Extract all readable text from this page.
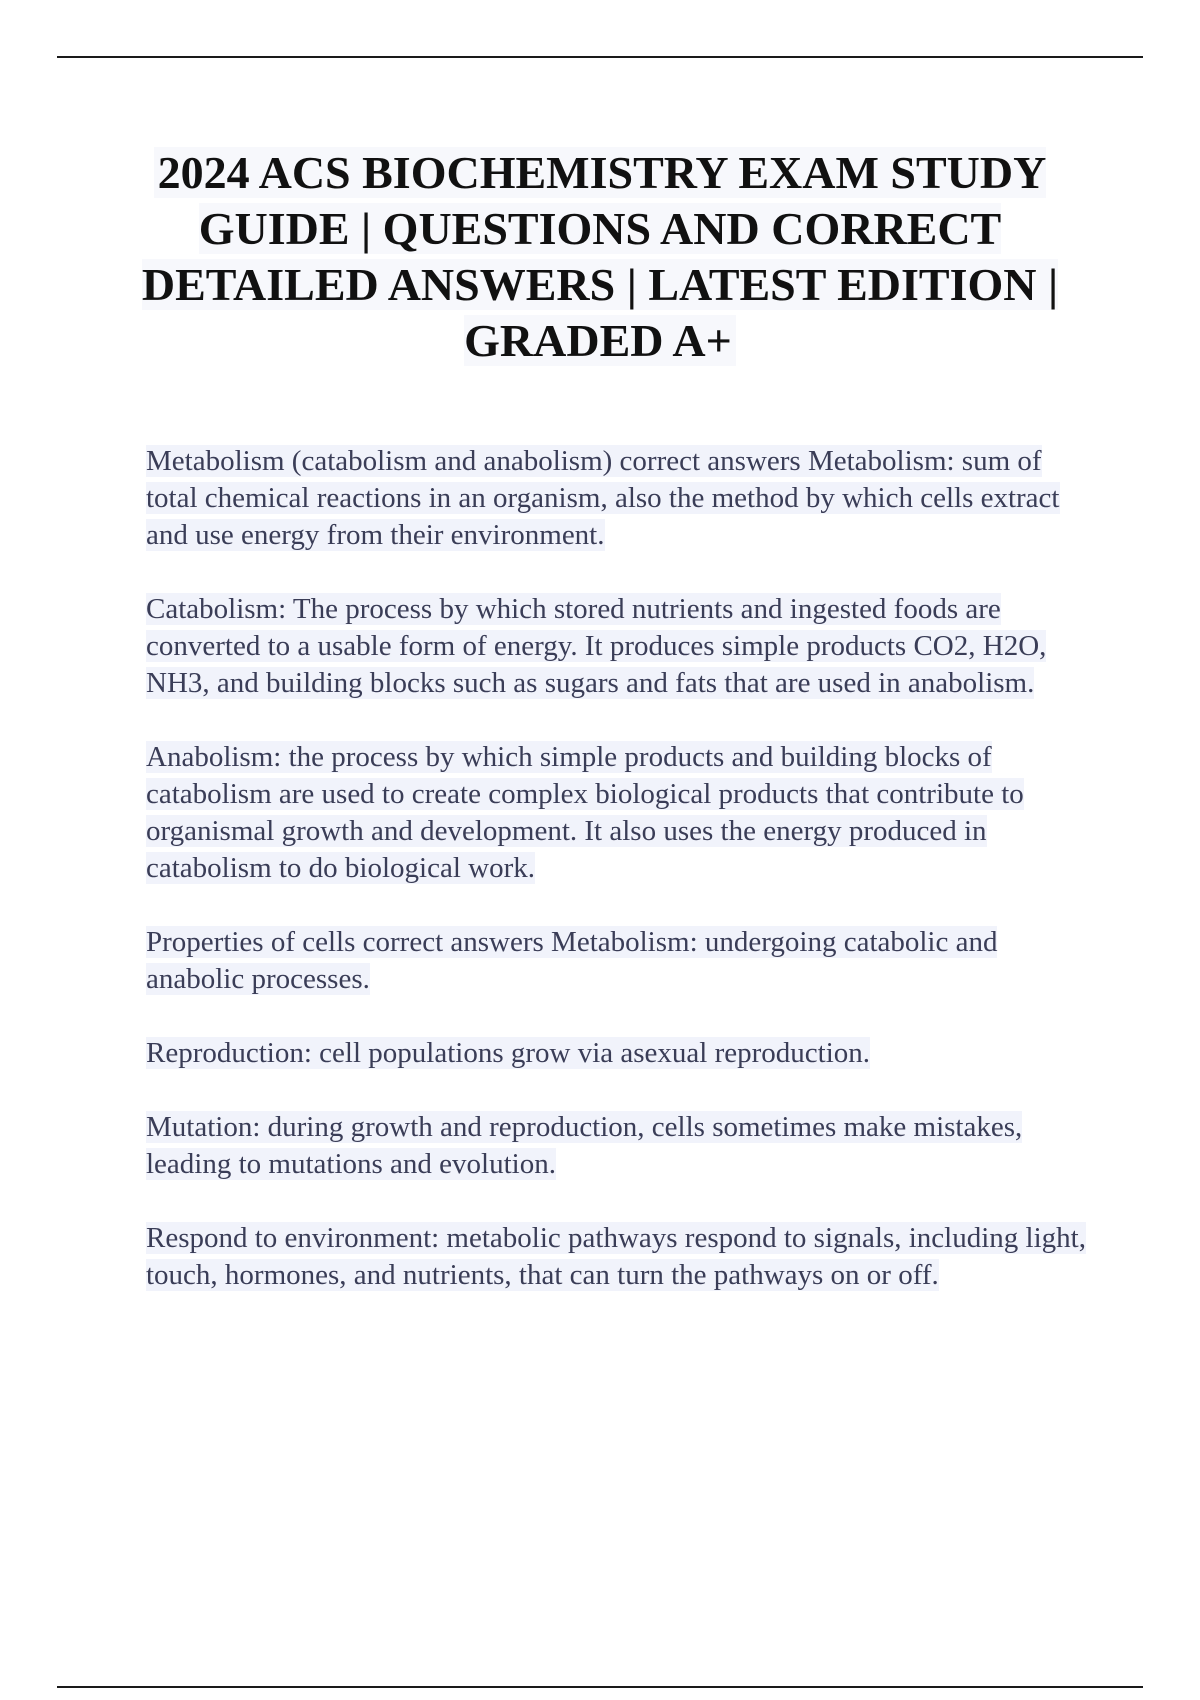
2024 ACS BIOCHEMISTRY EXAM STUDY GUIDE | QUESTIONS AND CORRECT DETAILED ANSWERS | LATEST EDITION | GRADED A+

Metabolism (catabolism and anabolism) correct answers Metabolism: sum of total chemical reactions in an organism, also the method by which cells extract and use energy from their environment.

Catabolism: The process by which stored nutrients and ingested foods are converted to a usable form of energy. It produces simple products CO2, H2O, NH3, and building blocks such as sugars and fats that are used in anabolism.

Anabolism: the process by which simple products and building blocks of catabolism are used to create complex biological products that contribute to organismal growth and development. It also uses the energy produced in catabolism to do biological work.

Properties of cells correct answers Metabolism: undergoing catabolic and anabolic processes.

Reproduction: cell populations grow via asexual reproduction.

Mutation: during growth and reproduction, cells sometimes make mistakes, leading to mutations and evolution.

Respond to environment: metabolic pathways respond to signals, including light, touch, hormones, and nutrients, that can turn the pathways on or off.
